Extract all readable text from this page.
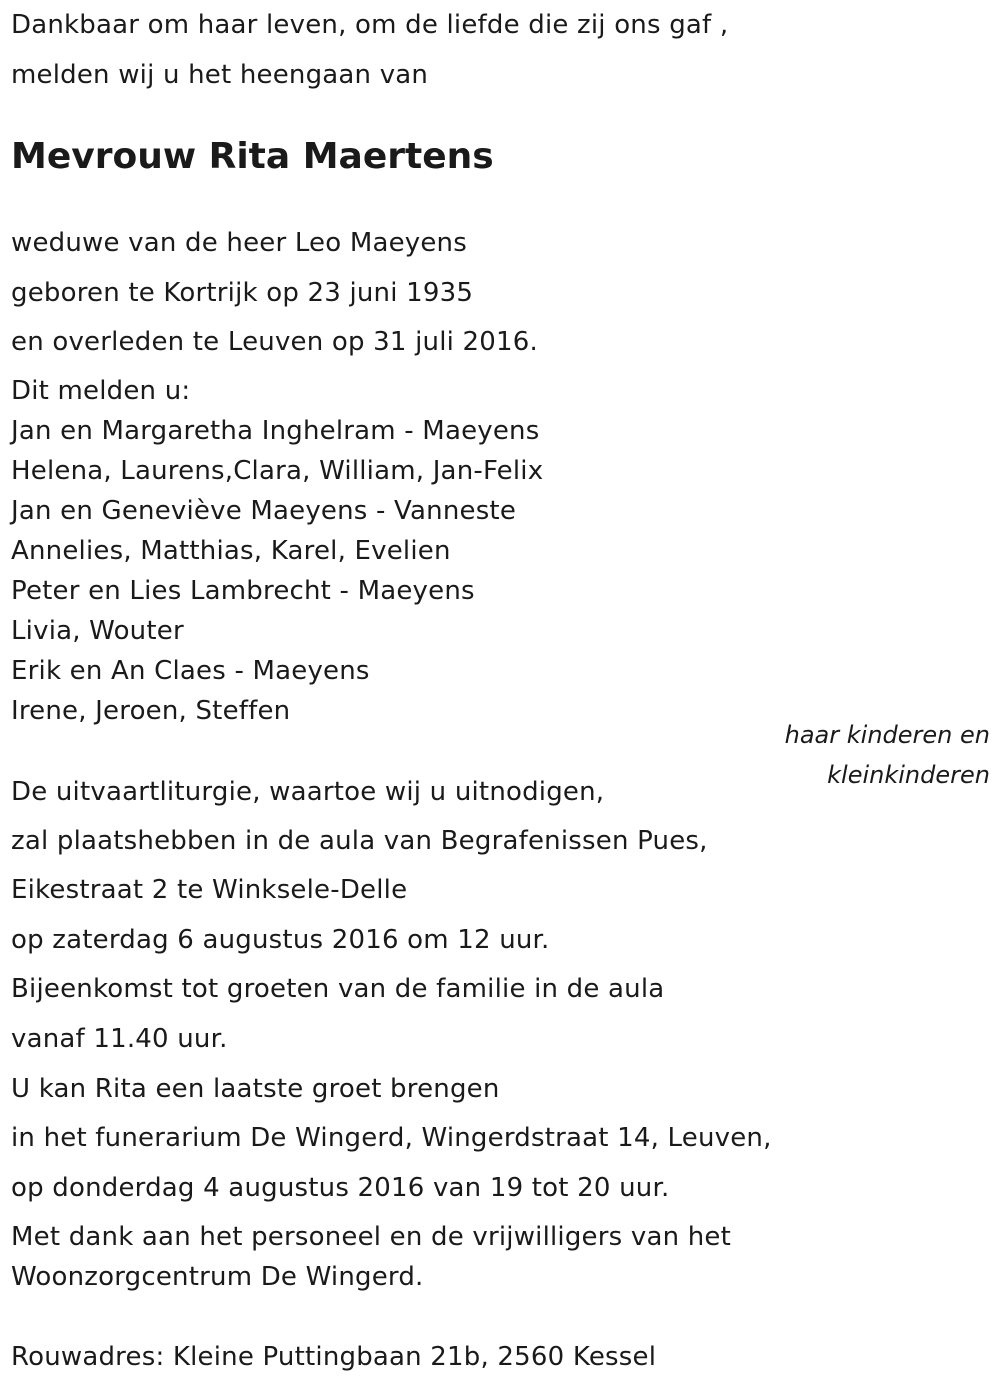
Dankbaar om haar leven, om de liefde die zij ons gaf ,
melden wij u het heengaan van
Mevrouw Rita Maertens
weduwe van de heer Leo Maeyens
geboren te Kortrijk op 23 juni 1935
en overleden te Leuven op 31 juli 2016.
Dit melden u:
Jan en Margaretha Inghelram - Maeyens
Helena, Laurens,Clara, William, Jan-Felix
Jan en Geneviève Maeyens - Vanneste
Annelies, Matthias, Karel, Evelien
Peter en Lies Lambrecht - Maeyens
Livia, Wouter
Erik en An Claes - Maeyens
Irene, Jeroen, Steffen
haar kinderen en
kleinkinderen
De uitvaartliturgie, waartoe wij u uitnodigen,
zal plaatshebben in de aula van Begrafenissen Pues,
Eikestraat 2 te Winksele-Delle
op zaterdag 6 augustus 2016 om 12 uur.
Bijeenkomst tot groeten van de familie in de aula
vanaf 11.40 uur.
U kan Rita een laatste groet brengen
in het funerarium De Wingerd, Wingerdstraat 14, Leuven,
op donderdag 4 augustus 2016 van 19 tot 20 uur.
Met dank aan het personeel en de vrijwilligers van het
Woonzorgcentrum De Wingerd.
Rouwadres: Kleine Puttingbaan 21b, 2560 Kessel
